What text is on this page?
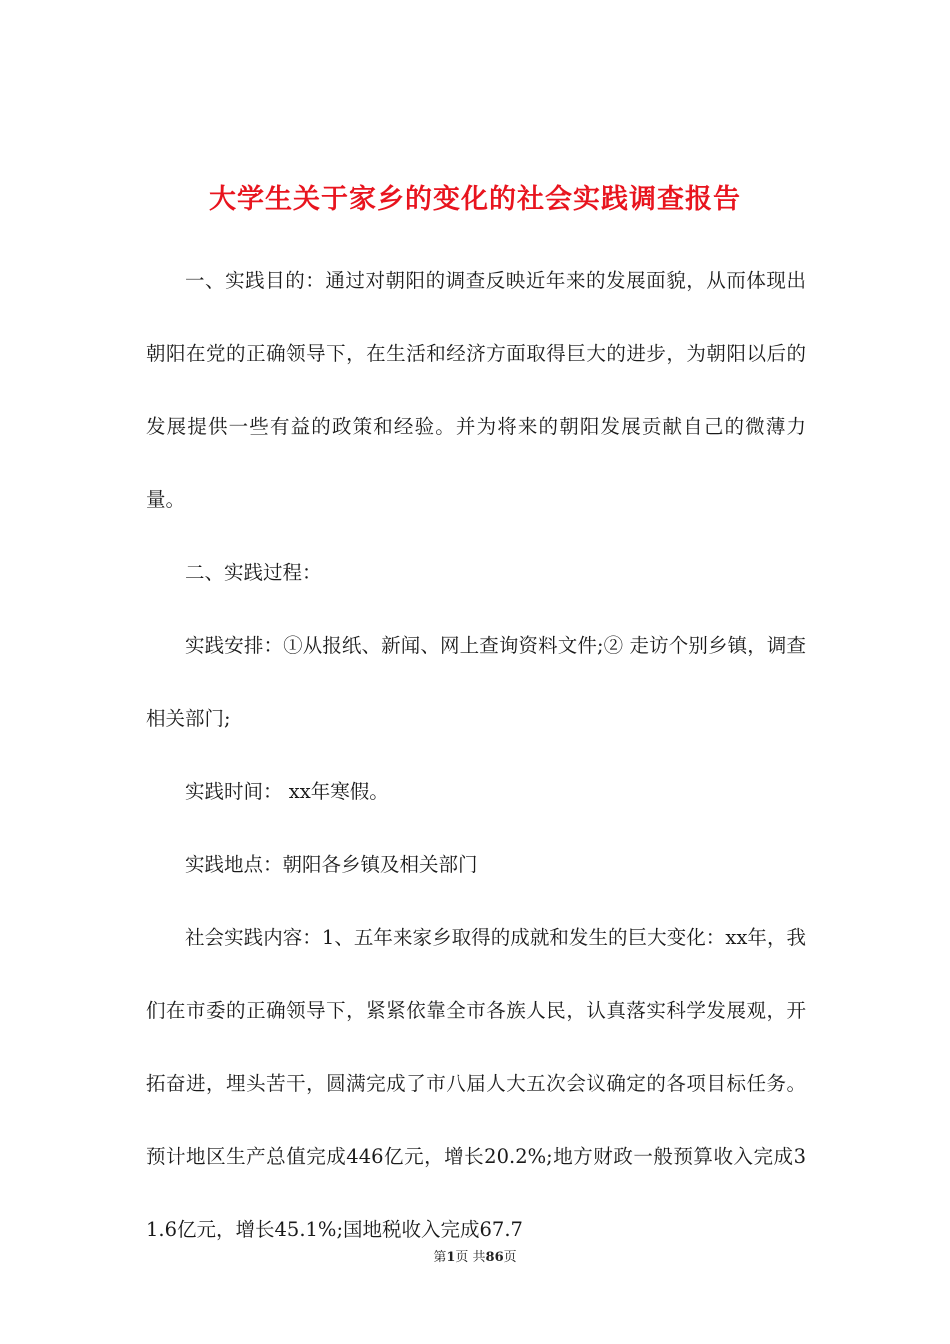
大学生关于家乡的变化的社会实践调查报告

一、实践目的：通过对朝阳的调查反映近年来的发展面貌，从而体现出朝阳在党的正确领导下，在生活和经济方面取得巨大的进步，为朝阳以后的发展提供一些有益的政策和经验。并为将来的朝阳发展贡献自己的微薄力量。

二、实践过程：

实践安排：①从报纸、新闻、网上查询资料文件;② 走访个别乡镇，调查相关部门;

实践时间： xx年寒假。

实践地点：朝阳各乡镇及相关部门

社会实践内容：1、五年来家乡取得的成就和发生的巨大变化：xx年，我们在市委的正确领导下，紧紧依靠全市各族人民，认真落实科学发展观，开拓奋进，埋头苦干，圆满完成了市八届人大五次会议确定的各项目标任务。预计地区生产总值完成446亿元，增长20.2%;地方财政一般预算收入完成31.6亿元，增长45.1%;国地税收入完成67.7

第1页 共86页
